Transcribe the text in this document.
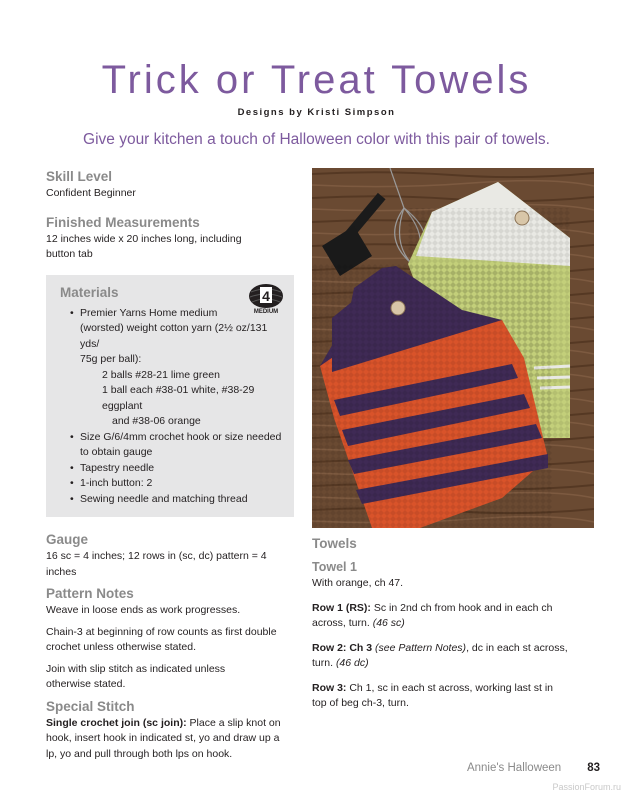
Trick or Treat Towels
Designs by Kristi Simpson
Give your kitchen a touch of Halloween color with this pair of towels.
Skill Level

Confident Beginner

Finished Measurements

12 inches wide x 20 inches long, including

button tab

4
MEDIUM
Materials
• Premier Yarns Home medium
(worsted) weight cotton yarn (2½ oz/131 yds/
75g per ball):
2 balls #28-21 lime green
1 ball each #38-01 white, #38-29 eggplant
and #38-06 orange
• Size G/6/4mm crochet hook or size needed
to obtain gauge
• Tapestry needle
• 1-inch button: 2
• Sewing needle and matching thread
Gauge

16 sc = 4 inches; 12 rows in (sc, dc) pattern = 4 inches

Pattern Notes

Weave in loose ends as work progresses.

Chain-3 at beginning of row counts as first double

crochet unless otherwise stated.

Join with slip stitch as indicated unless

otherwise stated.

Special Stitch

Single crochet join (sc join): Place a slip knot on

hook, insert hook in indicated st, yo and draw up a

lp, yo and pull through both lps on hook.

Towels
Towel 1

With orange, ch 47.

Row 1 (RS): Sc in 2nd ch from hook and in each ch

across, turn. (46 sc)

Row 2: Ch 3 (see Pattern Notes), dc in each st across,

turn. (46 dc)

Row 3: Ch 1, sc in each st across, working last st in

top of beg ch-3, turn.

Annie's Halloween 83
PassionForum.ru
